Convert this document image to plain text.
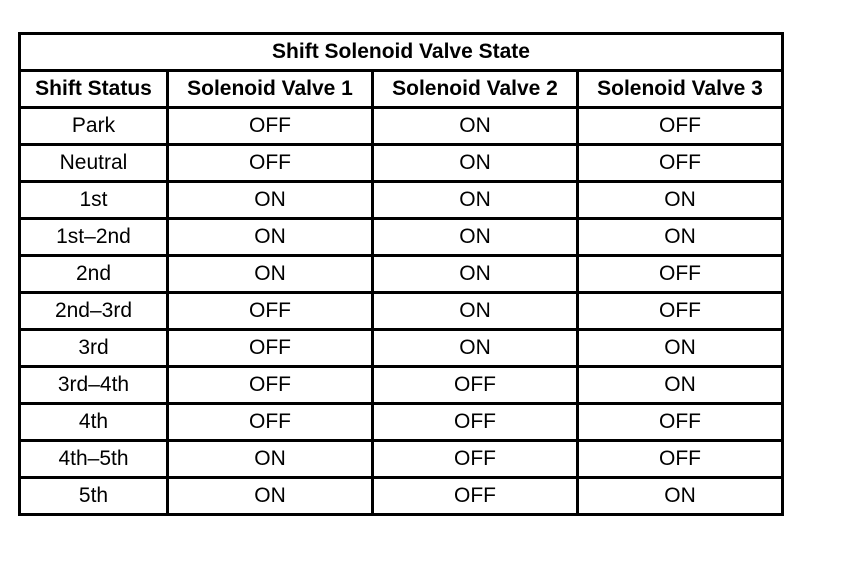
Shift Solenoid Valve State			
Shift Status	Solenoid Valve 1	Solenoid Valve 2	Solenoid Valve 3
Park	OFF	ON	OFF
Neutral	OFF	ON	OFF
1st	ON	ON	ON
1st–2nd	ON	ON	ON
2nd	ON	ON	OFF
2nd–3rd	OFF	ON	OFF
3rd	OFF	ON	ON
3rd–4th	OFF	OFF	ON
4th	OFF	OFF	OFF
4th–5th	ON	OFF	OFF
5th	ON	OFF	ON
